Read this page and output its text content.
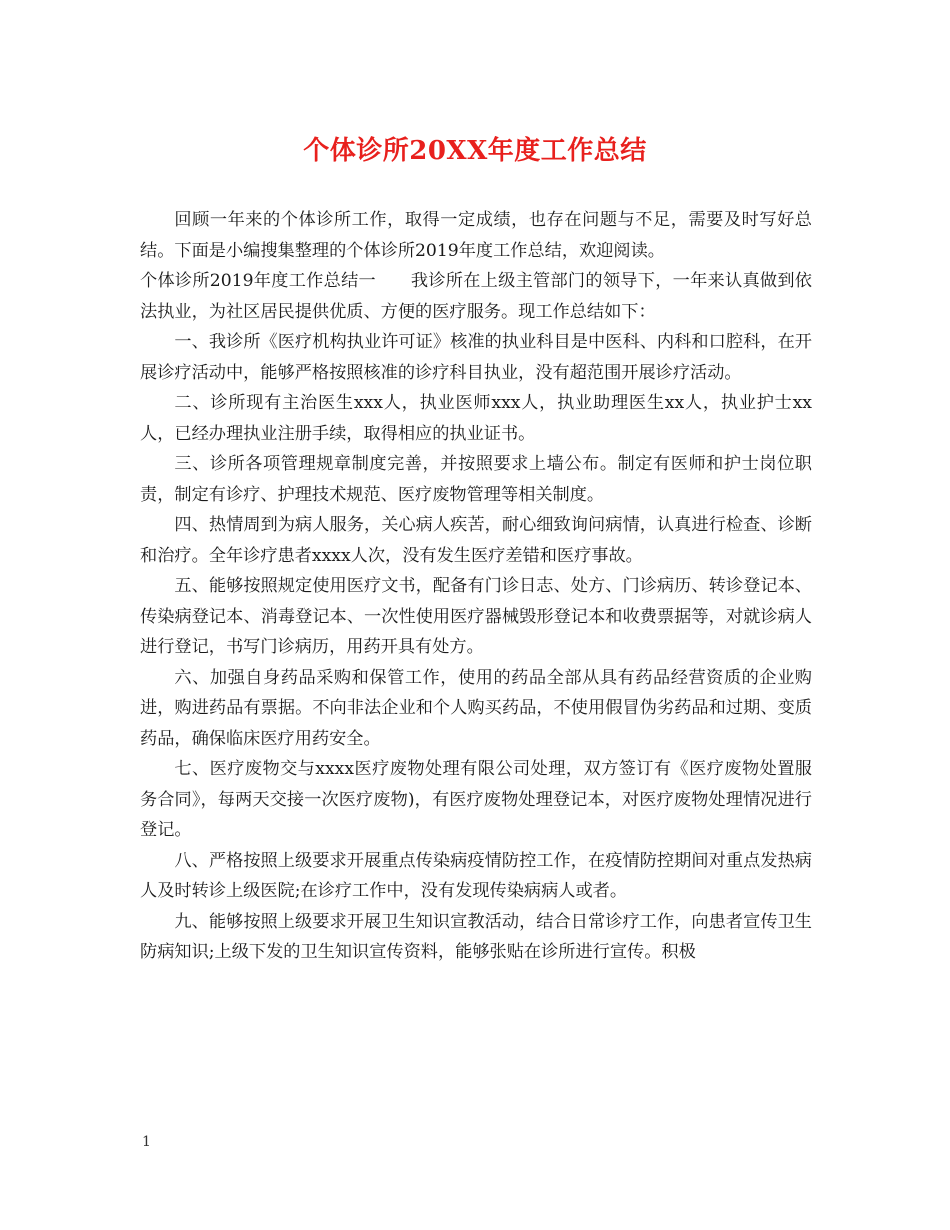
个体诊所20XX年度工作总结

回顾一年来的个体诊所工作，取得一定成绩，也存在问题与不足，需要及时写好总结。下面是小编搜集整理的个体诊所2019年度工作总结，欢迎阅读。

个体诊所2019年度工作总结一　　我诊所在上级主管部门的领导下，一年来认真做到依法执业，为社区居民提供优质、方便的医疗服务。现工作总结如下：

一、我诊所《医疗机构执业许可证》核准的执业科目是中医科、内科和口腔科，在开展诊疗活动中，能够严格按照核准的诊疗科目执业，没有超范围开展诊疗活动。

二、诊所现有主治医生xxx人，执业医师xxx人，执业助理医生xx人，执业护士xx人，已经办理执业注册手续，取得相应的执业证书。

三、诊所各项管理规章制度完善，并按照要求上墙公布。制定有医师和护士岗位职责，制定有诊疗、护理技术规范、医疗废物管理等相关制度。

四、热情周到为病人服务，关心病人疾苦，耐心细致询问病情，认真进行检查、诊断和治疗。全年诊疗患者xxxx人次，没有发生医疗差错和医疗事故。

五、能够按照规定使用医疗文书，配备有门诊日志、处方、门诊病历、转诊登记本、传染病登记本、消毒登记本、一次性使用医疗器械毁形登记本和收费票据等，对就诊病人进行登记，书写门诊病历，用药开具有处方。

六、加强自身药品采购和保管工作，使用的药品全部从具有药品经营资质的企业购进，购进药品有票据。不向非法企业和个人购买药品，不使用假冒伪劣药品和过期、变质药品，确保临床医疗用药安全。

七、医疗废物交与xxxx医疗废物处理有限公司处理，双方签订有《医疗废物处置服务合同》，每两天交接一次医疗废物)，有医疗废物处理登记本，对医疗废物处理情况进行登记。

八、严格按照上级要求开展重点传染病疫情防控工作，在疫情防控期间对重点发热病人及时转诊上级医院;在诊疗工作中，没有发现传染病病人或者。

九、能够按照上级要求开展卫生知识宣教活动，结合日常诊疗工作，向患者宣传卫生防病知识;上级下发的卫生知识宣传资料，能够张贴在诊所进行宣传。积极

1
